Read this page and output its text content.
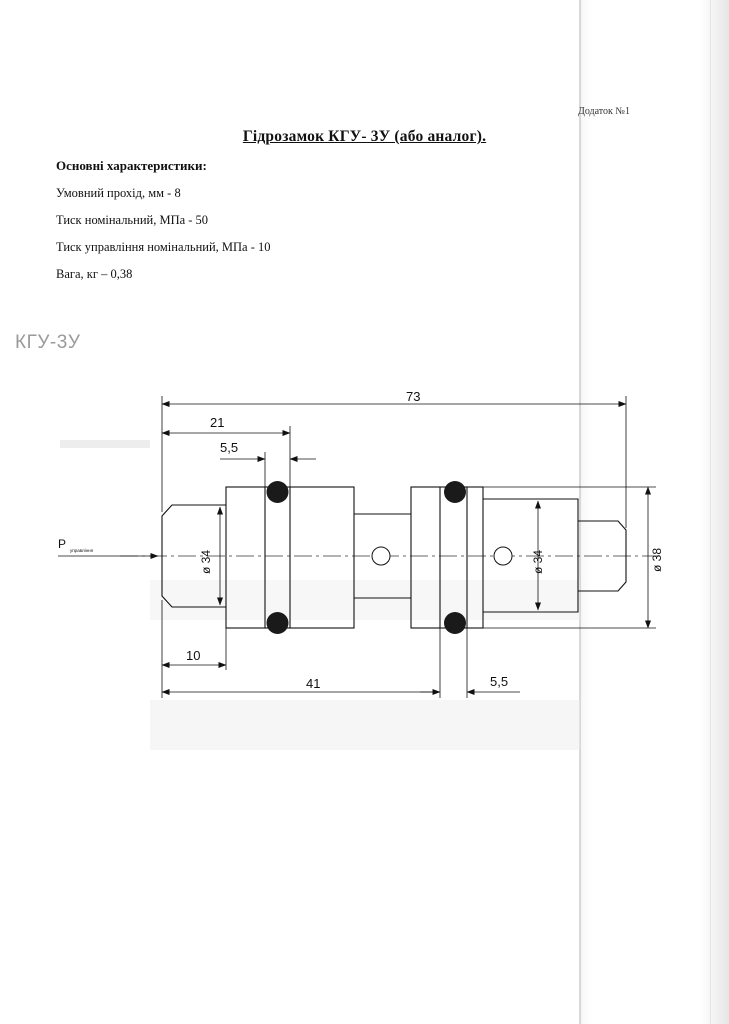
Додаток №1
Гідрозамок КГУ- 3У (або аналог).
Основні характеристики:
Умовний прохід, мм - 8
Тиск номінальний, МПа - 50
Тиск управління номінальний, МПа - 10
Вага, кг – 0,38
КГУ-3У
Р управління
73
21
5,5
10
41	5,5
ø 34	ø 34	ø 38
